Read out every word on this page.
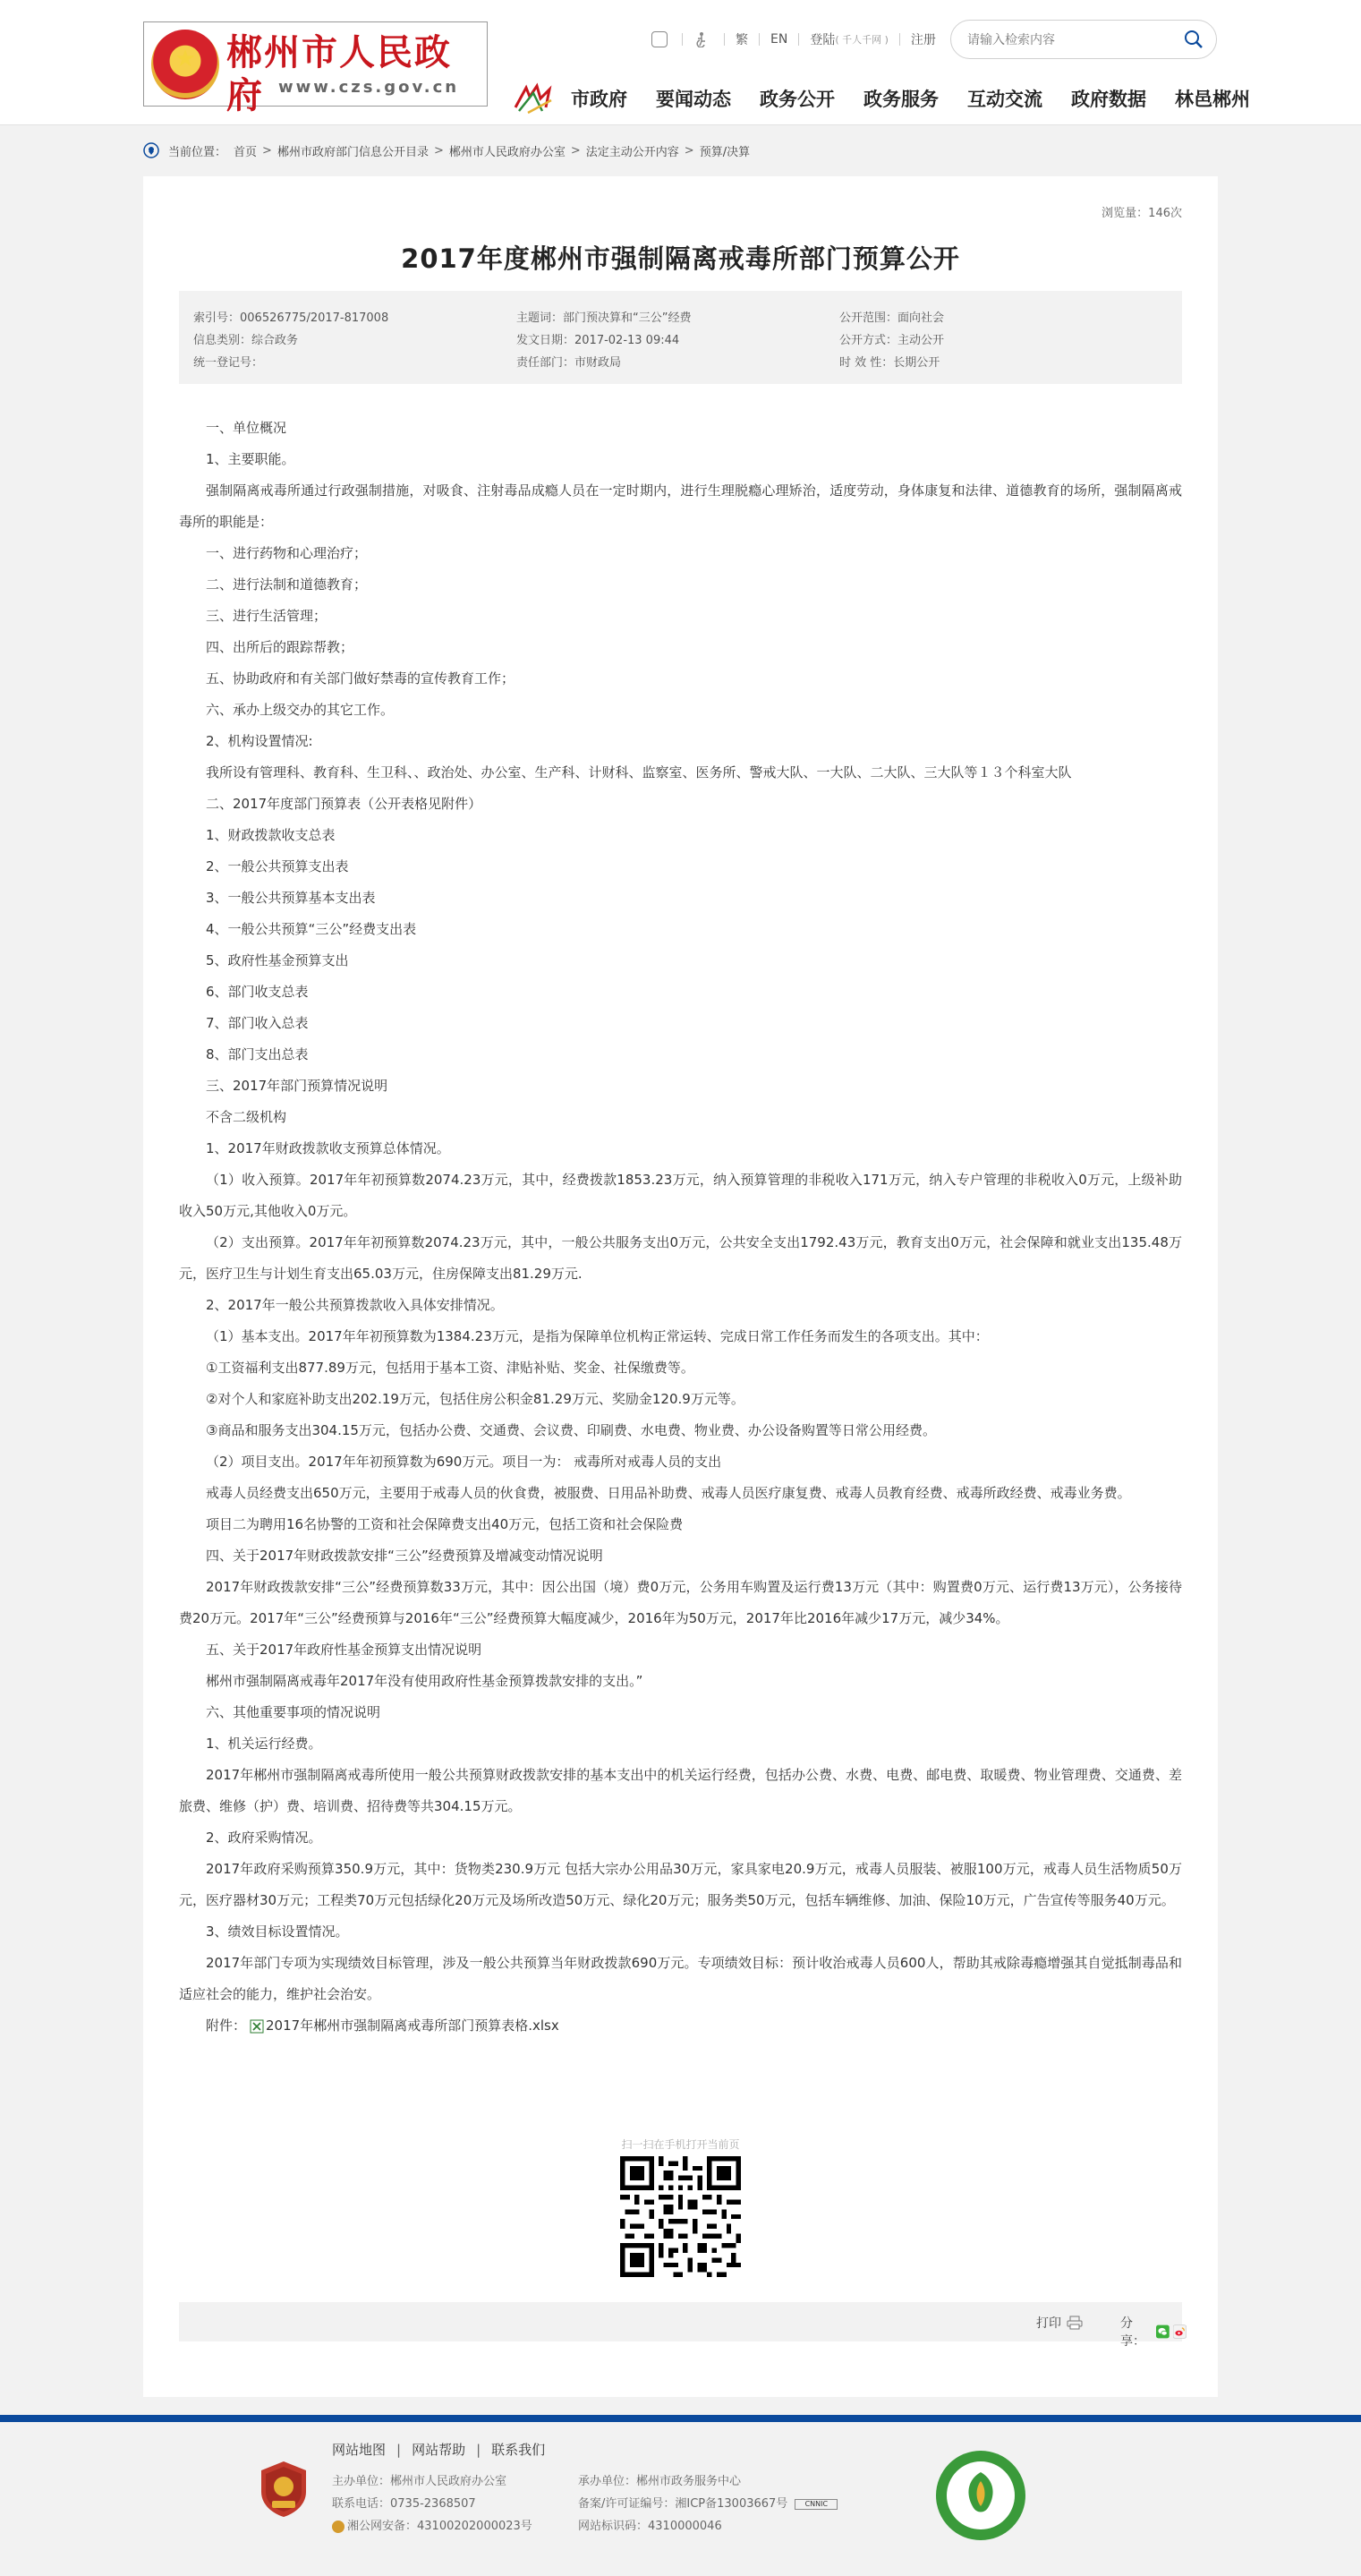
★ 郴州市人民政府 www.czs.gov.cn
繁 EN 登陆 ( 千人千网 ) 注册
请输入检索内容
市政府 要闻动态 政务公开 政务服务 互动交流 政府数据 林邑郴州
当前位置： 首页 > 郴州市政府部门信息公开目录 > 郴州市人民政府办公室 > 法定主动公开内容 > 预算/决算
浏览量：146次
2017年度郴州市强制隔离戒毒所部门预算公开
索引号：006526775/2017-817008	主题词：部门预决算和“三公”经费	公开范围：面向社会
信息类别：综合政务	发文日期：2017-02-13 09:44	公开方式：主动公开
统一登记号：	责任部门：市财政局	时 效 性：长期公开

一、单位概况

1、主要职能。

强制隔离戒毒所通过行政强制措施，对吸食、注射毒品成瘾人员在一定时期内，进行生理脱瘾心理矫治，适度劳动，身体康复和法律、道德教育的场所，强制隔离戒毒所的职能是：

一、进行药物和心理治疗；

二、进行法制和道德教育；

三、进行生活管理；

四、出所后的跟踪帮教；

五、协助政府和有关部门做好禁毒的宣传教育工作；

六、承办上级交办的其它工作。

2、机构设置情况:

我所设有管理科、教育科、生卫科、、政治处、办公室、生产科、计财科、监察室、医务所、警戒大队、一大队、二大队、三大队等１３个科室大队

二、2017年度部门预算表（公开表格见附件）

1、财政拨款收支总表

2、一般公共预算支出表

3、一般公共预算基本支出表

4、一般公共预算“三公”经费支出表

5、政府性基金预算支出

6、部门收支总表

7、部门收入总表

8、部门支出总表

三、2017年部门预算情况说明

不含二级机构

1、2017年财政拨款收支预算总体情况。

（1）收入预算。2017年年初预算数2074.23万元，其中，经费拨款1853.23万元，纳入预算管理的非税收入171万元，纳入专户管理的非税收入0万元，上级补助收入50万元,其他收入0万元。

（2）支出预算。2017年年初预算数2074.23万元，其中，一般公共服务支出0万元，公共安全支出1792.43万元，教育支出0万元，社会保障和就业支出135.48万元，医疗卫生与计划生育支出65.03万元，住房保障支出81.29万元.

2、2017年一般公共预算拨款收入具体安排情况。

（1）基本支出。2017年年初预算数为1384.23万元，是指为保障单位机构正常运转、完成日常工作任务而发生的各项支出。其中：

①工资福利支出877.89万元，包括用于基本工资、津贴补贴、奖金、社保缴费等。

②对个人和家庭补助支出202.19万元，包括住房公积金81.29万元、奖励金120.9万元等。

③商品和服务支出304.15万元，包括办公费、交通费、会议费、印刷费、水电费、物业费、办公设备购置等日常公用经费。

（2）项目支出。2017年年初预算数为690万元。项目一为： 戒毒所对戒毒人员的支出

戒毒人员经费支出650万元，主要用于戒毒人员的伙食费，被服费、日用品补助费、戒毒人员医疗康复费、戒毒人员教育经费、戒毒所政经费、戒毒业务费。

项目二为聘用16名协警的工资和社会保障费支出40万元，包括工资和社会保险费

四、关于2017年财政拨款安排“三公”经费预算及增减变动情况说明

2017年财政拨款安排“三公”经费预算数33万元，其中：因公出国（境）费0万元，公务用车购置及运行费13万元（其中：购置费0万元、运行费13万元），公务接待费20万元。2017年“三公”经费预算与2016年“三公”经费预算大幅度减少，2016年为50万元，2017年比2016年减少17万元，减少34%。

五、关于2017年政府性基金预算支出情况说明

郴州市强制隔离戒毒年2017年没有使用政府性基金预算拨款安排的支出。”

六、其他重要事项的情况说明

1、机关运行经费。

2017年郴州市强制隔离戒毒所使用一般公共预算财政拨款安排的基本支出中的机关运行经费，包括办公费、水费、电费、邮电费、取暖费、物业管理费、交通费、差旅费、维修（护）费、培训费、招待费等共304.15万元。

2、政府采购情况。

2017年政府采购预算350.9万元，其中：货物类230.9万元 包括大宗办公用品30万元，家具家电20.9万元，戒毒人员服装、被服100万元，戒毒人员生活物质50万元，医疗器材30万元；工程类70万元包括绿化20万元及场所改造50万元、绿化20万元；服务类50万元，包括车辆维修、加油、保险10万元，广告宣传等服务40万元。

3、绩效目标设置情况。

2017年部门专项为实现绩效目标管理，涉及一般公共预算当年财政拨款690万元。专项绩效目标：预计收治戒毒人员600人，帮助其戒除毒瘾增强其自觉抵制毒品和适应社会的能力，维护社会治安。

附件： 2017年郴州市强制隔离戒毒所部门预算表格.xlsx
扫一扫在手机打开当前页
打印	分享：
网站地图 | 网站帮助 | 联系我们
主办单位：郴州市人民政府办公室
联系电话：0735-2368507
湘公网安备：43100202000023号
承办单位：郴州市政务服务中心
备案/许可证编号：湘ICP备13003667号	CNNIC
网站标识码：4310000046
